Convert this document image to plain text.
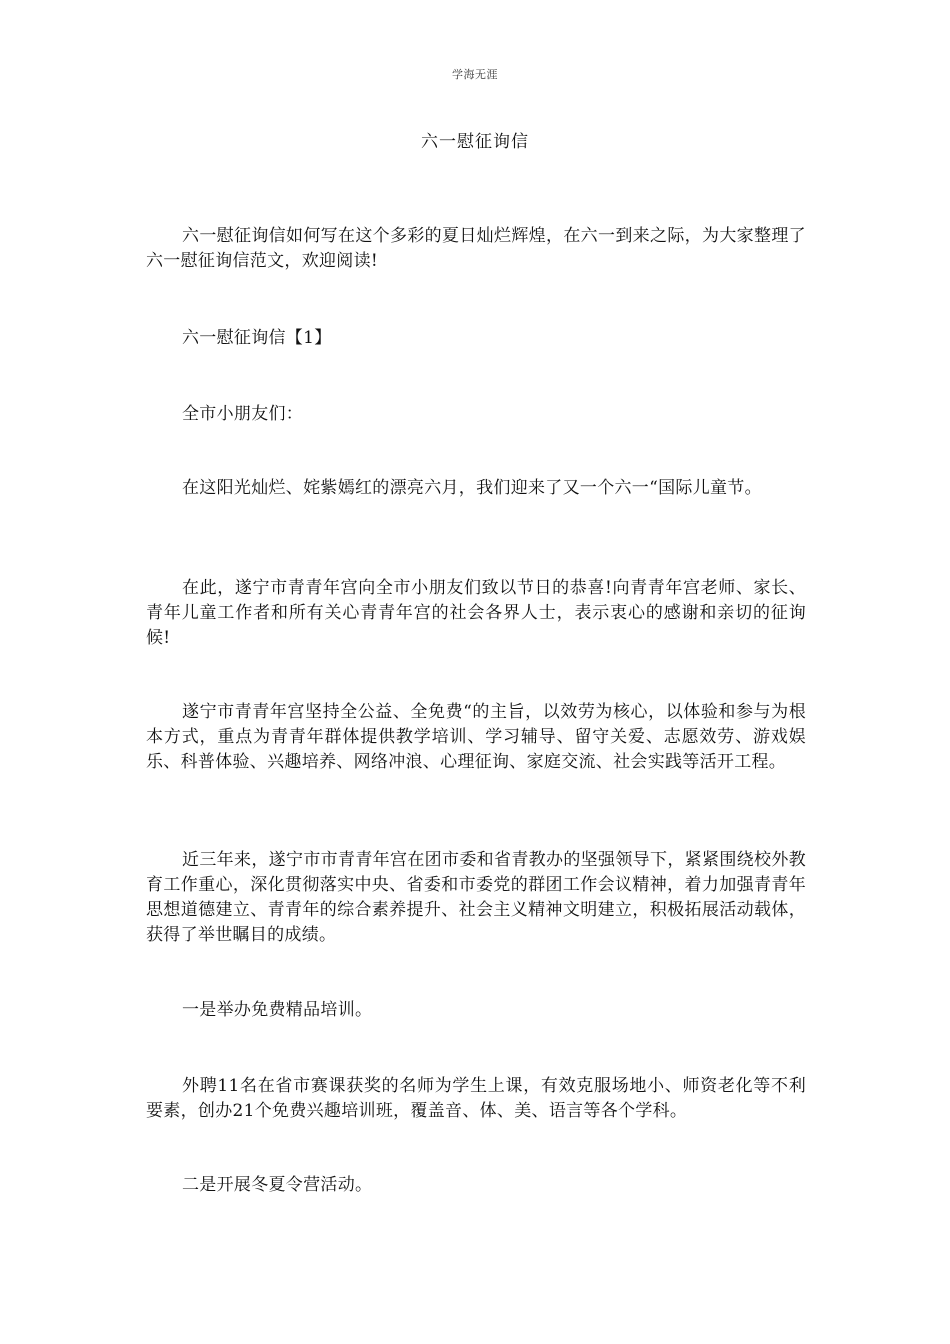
学海无涯
六一慰征询信

六一慰征询信如何写在这个多彩的夏日灿烂辉煌，在六一到来之际，为大家整理了六一慰征询信范文，欢迎阅读!

六一慰征询信【1】

全市小朋友们：

在这阳光灿烂、姹紫嫣红的漂亮六月，我们迎来了又一个六一“国际儿童节。

在此，遂宁市青青年宫向全市小朋友们致以节日的恭喜!向青青年宫老师、家长、青年儿童工作者和所有关心青青年宫的社会各界人士，表示衷心的感谢和亲切的征询候!

遂宁市青青年宫坚持全公益、全免费“的主旨，以效劳为核心，以体验和参与为根本方式，重点为青青年群体提供教学培训、学习辅导、留守关爱、志愿效劳、游戏娱乐、科普体验、兴趣培养、网络冲浪、心理征询、家庭交流、社会实践等活开工程。

近三年来，遂宁市市青青年宫在团市委和省青教办的坚强领导下，紧紧围绕校外教育工作重心，深化贯彻落实中央、省委和市委党的群团工作会议精神，着力加强青青年思想道德建立、青青年的综合素养提升、社会主义精神文明建立，积极拓展活动载体，获得了举世瞩目的成绩。

一是举办免费精品培训。

外聘11名在省市赛课获奖的名师为学生上课，有效克服场地小、师资老化等不利要素，创办21个免费兴趣培训班，覆盖音、体、美、语言等各个学科。

二是开展冬夏令营活动。
